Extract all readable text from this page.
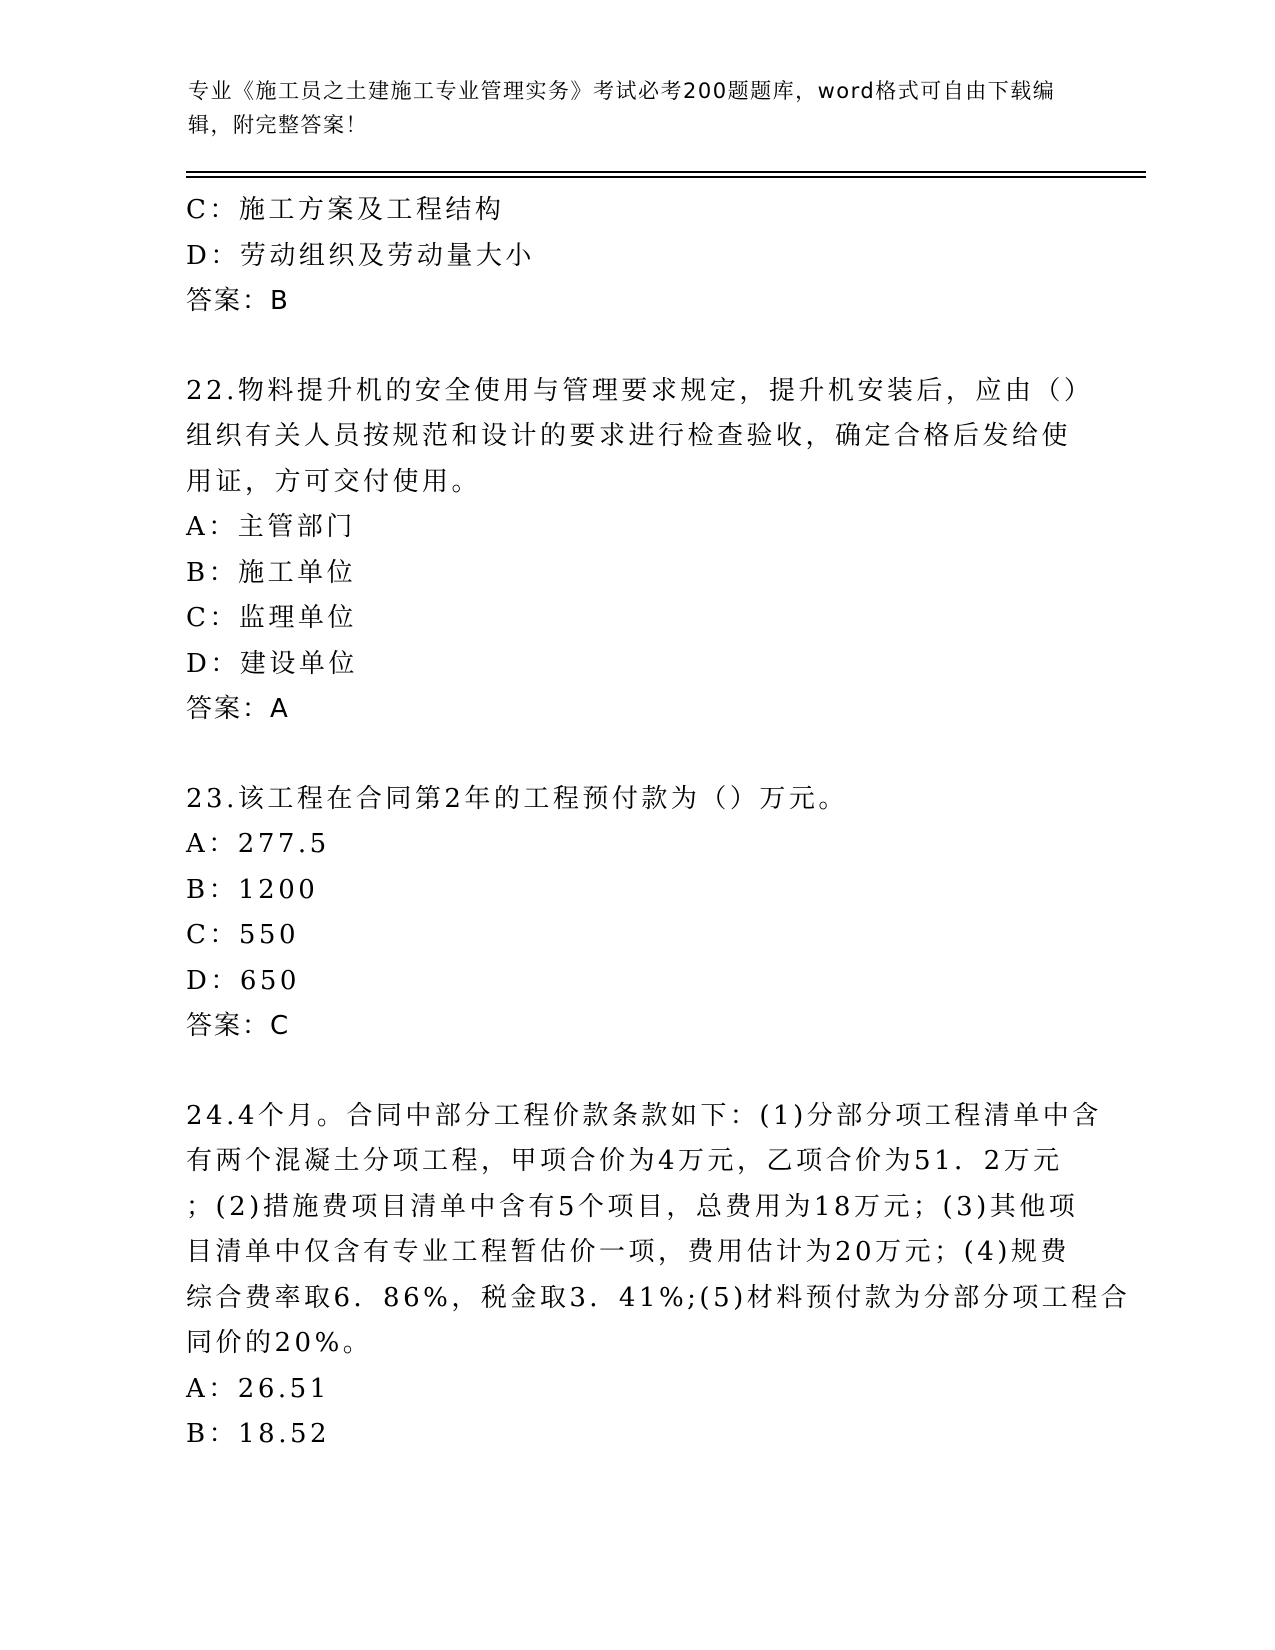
专业《施工员之土建施工专业管理实务》考试必考200题题库，word格式可自由下载编辑，附完整答案！
C：施工方案及工程结构
D：劳动组织及劳动量大小
答案：B
22.物料提升机的安全使用与管理要求规定，提升机安装后，应由（）
组织有关人员按规范和设计的要求进行检查验收，确定合格后发给使
用证，方可交付使用。
A：主管部门
B：施工单位
C：监理单位
D：建设单位
答案：A
23.该工程在合同第2年的工程预付款为（）万元。
A：277.5
B：1200
C：550
D：650
答案：C
24.4个月。合同中部分工程价款条款如下：(1)分部分项工程清单中含
有两个混凝土分项工程，甲项合价为4万元，乙项合价为51．2万元
；(2)措施费项目清单中含有5个项目，总费用为18万元；(3)其他项
目清单中仅含有专业工程暂估价一项，费用估计为20万元；(4)规费
综合费率取6．86%，税金取3．41%;(5)材料预付款为分部分项工程合
同价的20%。
A：26.51
B：18.52
